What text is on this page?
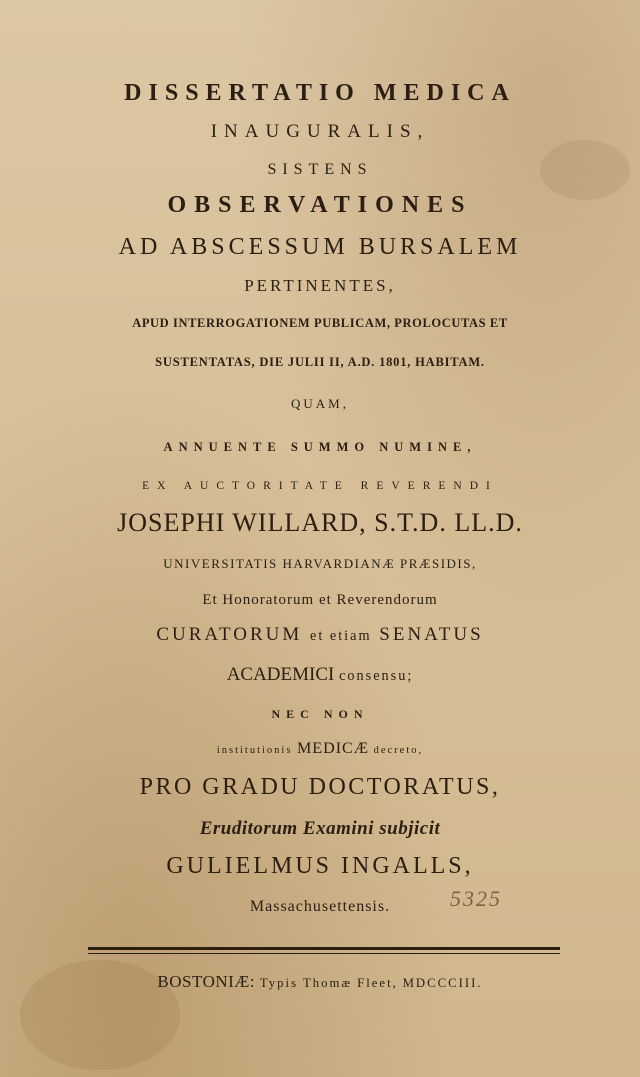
DISSERTATIO MEDICA
INAUGURALIS,
SISTENS
OBSERVATIONES
AD ABSCESSUM BURSALEM
PERTINENTES,
APUD INTERROGATIONEM PUBLICAM, PROLOCUTAS ET
SUSTENTATAS, DIE JULII II, A.D. 1801, HABITAM.
QUAM,
ANNUENTE SUMMO NUMINE,
EX AUCTORITATE REVERENDI
JOSEPHI WILLARD, S.T.D. LL.D.
UNIVERSITATIS HARVARDIANÆ PRÆSIDIS,
Et Honoratorum et Reverendorum
CURATORUM et etiam SENATUS
ACADEMICI consensu;
NEC NON
institutionis MEDICÆ decreto,
PRO GRADU DOCTORATUS,
Eruditorum Examini subjicit
GULIELMUS INGALLS,
Massachusettensis.	5325
BOSTONIÆ: Typis Thomæ Fleet, MDCCCIII.
